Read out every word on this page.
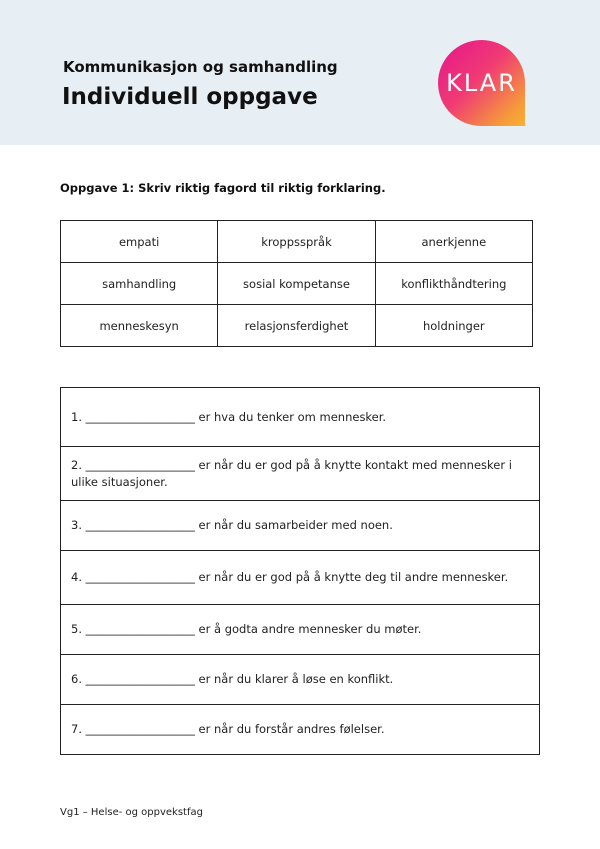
Kommunikasjon og samhandling
Individuell oppgave	KLAR
Oppgave 1: Skriv riktig fagord til riktig forklaring.
empati	kroppsspråk	anerkjenne
samhandling	sosial kompetanse	konflikthåndtering
menneskesyn	relasjonsferdighet	holdninger
1. ___________________ er hva du tenker om mennesker.
2. ___________________ er når du er god på å knytte kontakt med mennesker i ulike situasjoner.
3. ___________________ er når du samarbeider med noen.
4. ___________________ er når du er god på å knytte deg til andre mennesker.
5. ___________________ er å godta andre mennesker du møter.
6. ___________________ er når du klarer å løse en konflikt.
7. ___________________ er når du forstår andres følelser.
Vg1 – Helse- og oppvekstfag
